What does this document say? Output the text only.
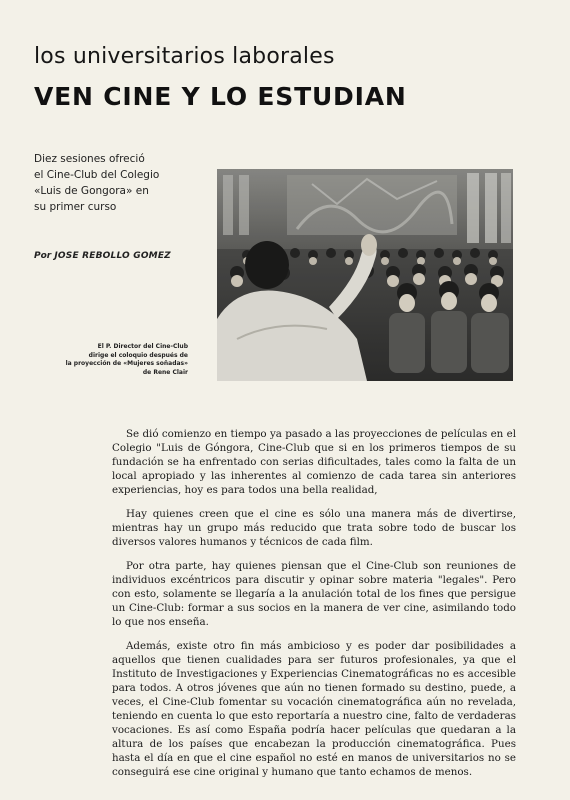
los universitarios laborales
VEN CINE Y LO ESTUDIAN
Diez sesiones ofreció
el Cine-Club del Colegio
«Luis de Gongora» en
su primer curso
Por JOSE REBOLLO GOMEZ
El P. Director del Cine-Club
dirige el coloquio después de
la proyección de «Mujeres soñadas»
de Rene Clair

Se dió comienzo en tiempo ya pasado a las proyecciones de películas en el Colegio "Luis de Góngora, Cine-Club que si en los primeros tiempos de su fundación se ha enfrentado con serias dificultades, tales como la falta de un local apropiado y las inherentes al comienzo de cada tarea sin anteriores experiencias, hoy es para todos una bella realidad,

Hay quienes creen que el cine es sólo una manera más de divertirse, mientras hay un grupo más reducido que trata sobre todo de buscar los diversos valores humanos y técnicos de cada film.

Por otra parte, hay quienes piensan que el Cine-Club son reuniones de individuos excéntricos para discutir y opinar sobre materia "legales". Pero con esto, solamente se llegaría a la anulación total de los fines que persigue un Cine-Club: formar a sus socios en la manera de ver cine, asimilando todo lo que nos enseña.

Además, existe otro fin más ambicioso y es poder dar posibilidades a aquellos que tienen cualidades para ser futuros profesionales, ya que el Instituto de Investigaciones y Experiencias Cinematográficas no es accesible para todos. A otros jóvenes que aún no tienen formado su destino, puede, a veces, el Cine-Club fomentar su vocación cinematográfica aún no revelada, teniendo en cuenta lo que esto reportaría a nuestro cine, falto de verdaderas vocaciones. Es así como España podría hacer películas que quedaran a la altura de los países que encabezan la producción cinematográfica. Pues hasta el día en que el cine español no esté en manos de universitarios no se conseguirá ese cine original y humano que tanto echamos de menos.
